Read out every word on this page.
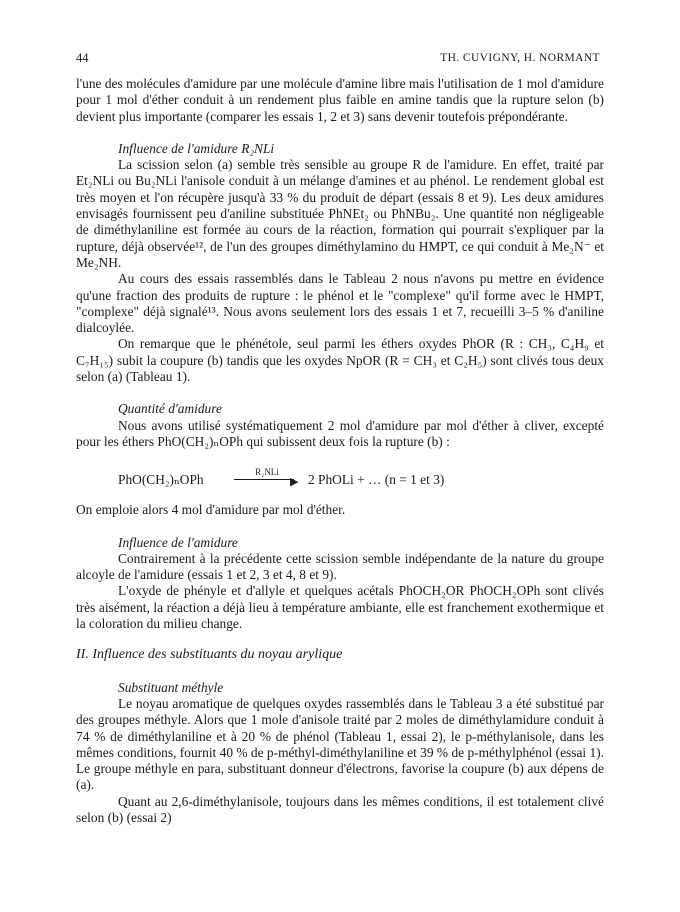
44	TH. CUVIGNY, H. NORMANT

l'une des molécules d'amidure par une molécule d'amine libre mais l'utilisation de 1 mol d'amidure pour 1 mol d'éther conduit à un rendement plus faible en amine tandis que la rupture selon (b) devient plus importante (comparer les essais 1, 2 et 3) sans devenir toutefois prépondérante.

Influence de l'amidure R₂NLi

La scission selon (a) semble très sensible au groupe R de l'amidure. En effet, traité par Et₂NLi ou Bu₂NLi l'anisole conduit à un mélange d'amines et au phénol. Le rendement global est très moyen et l'on récupère jusqu'à 33 % du produit de départ (essais 8 et 9). Les deux amidures envisagés fournissent peu d'aniline substituée PhNEt₂ ou PhNBu₂. Une quantité non négligeable de diméthylaniline est formée au cours de la réaction, formation qui pourrait s'expliquer par la rupture, déjà observée¹², de l'un des groupes diméthylamino du HMPT, ce qui conduit à Me₂N⁻ et Me₂NH.

Au cours des essais rassemblés dans le Tableau 2 nous n'avons pu mettre en évidence qu'une fraction des produits de rupture : le phénol et le "complexe" qu'il forme avec le HMPT, "complexe" déjà signalé¹³. Nous avons seulement lors des essais 1 et 7, recueilli 3–5 % d'aniline dialcoylée.

On remarque que le phénétole, seul parmi les éthers oxydes PhOR (R : CH₃, C₄H₉ et C₇H₁₅) subit la coupure (b) tandis que les oxydes NpOR (R = CH₃ et C₂H₅) sont clivés tous deux selon (a) (Tableau 1).

Quantité d'amidure

Nous avons utilisé systématiquement 2 mol d'amidure par mol d'éther à cliver, excepté pour les éthers PhO(CH₂)ₙOPh qui subissent deux fois la rupture (b) :

PhO(CH₂)ₙOPh	R₂NLi
▶ 2 PhOLi + … (n = 1 et 3)

On emploie alors 4 mol d'amidure par mol d'éther.

Influence de l'amidure

Contrairement à la précédente cette scission semble indépendante de la nature du groupe alcoyle de l'amidure (essais 1 et 2, 3 et 4, 8 et 9).

L'oxyde de phényle et d'allyle et quelques acétals PhOCH₂OR PhOCH₂OPh sont clivés très aisément, la réaction a déjà lieu à température ambiante, elle est franchement exothermique et la coloration du milieu change.

II. Influence des substituants du noyau arylique
Substituant méthyle

Le noyau aromatique de quelques oxydes rassemblés dans le Tableau 3 a été substitué par des groupes méthyle. Alors que 1 mole d'anisole traité par 2 moles de diméthylamidure conduit à 74 % de diméthylaniline et à 20 % de phénol (Tableau 1, essai 2), le p-méthylanisole, dans les mêmes conditions, fournit 40 % de p-méthyl-diméthylaniline et 39 % de p-méthylphénol (essai 1). Le groupe méthyle en para, substituant donneur d'électrons, favorise la coupure (b) aux dépens de (a).

Quant au 2,6-diméthylanisole, toujours dans les mêmes conditions, il est totalement clivé selon (b) (essai 2)
